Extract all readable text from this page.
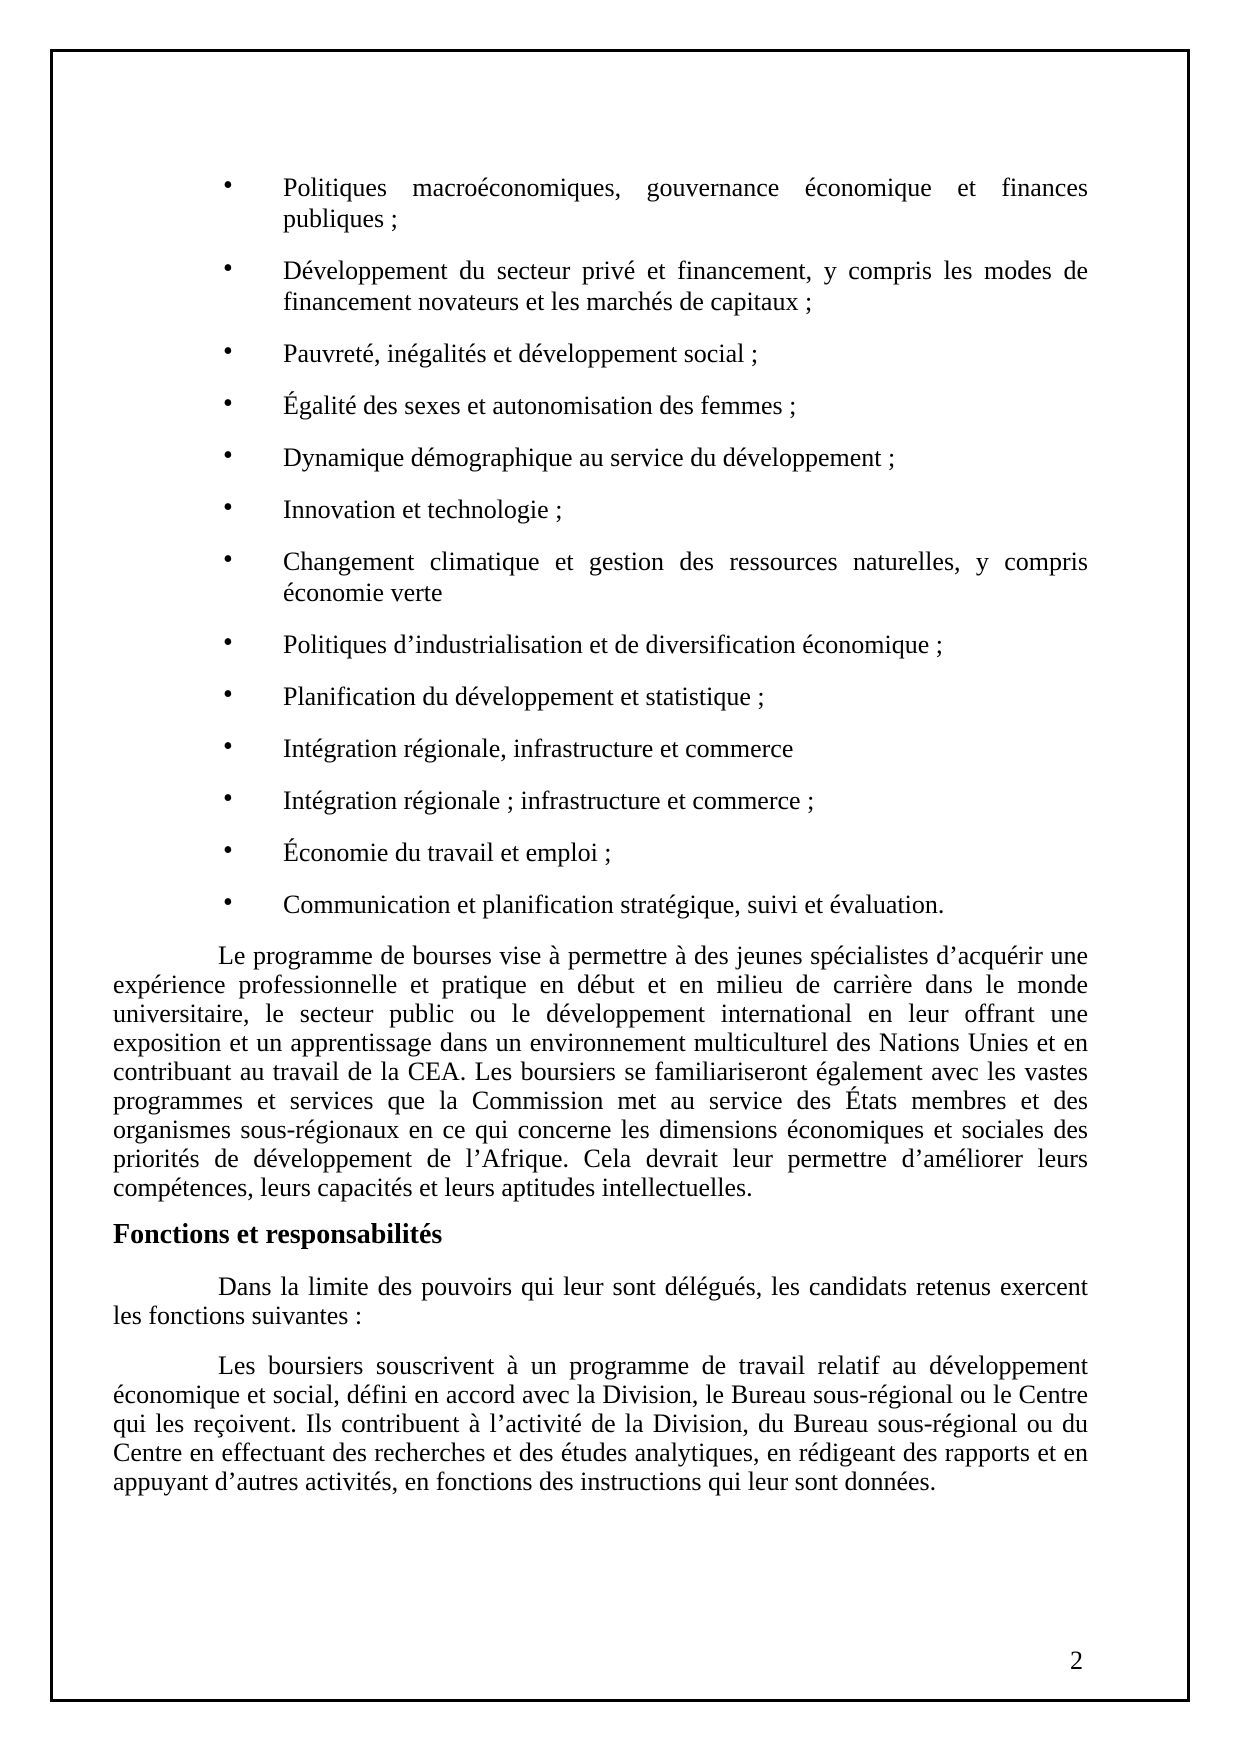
• Politiques macroéconomiques, gouvernance économique et finances publiques ;
• Développement du secteur privé et financement, y compris les modes de financement novateurs et les marchés de capitaux ;
• Pauvreté, inégalités et développement social ;
• Égalité des sexes et autonomisation des femmes ;
• Dynamique démographique au service du développement ;
• Innovation et technologie ;
• Changement climatique et gestion des ressources naturelles, y compris économie verte
• Politiques d’industrialisation et de diversification économique ;
• Planification du développement et statistique ;
• Intégration régionale, infrastructure et commerce
• Intégration régionale ; infrastructure et commerce ;
• Économie du travail et emploi ;
• Communication et planification stratégique, suivi et évaluation.

Le programme de bourses vise à permettre à des jeunes spécialistes d’acquérir une expérience professionnelle et pratique en début et en milieu de carrière dans le monde universitaire, le secteur public ou le développement international en leur offrant une exposition et un apprentissage dans un environnement multiculturel des Nations Unies et en contribuant au travail de la CEA. Les boursiers se familiariseront également avec les vastes programmes et services que la Commission met au service des États membres et des organismes sous-régionaux en ce qui concerne les dimensions économiques et sociales des priorités de développement de l’Afrique. Cela devrait leur permettre d’améliorer leurs compétences, leurs capacités et leurs aptitudes intellectuelles.

Fonctions et responsabilités

Dans la limite des pouvoirs qui leur sont délégués, les candidats retenus exercent les fonctions suivantes :

Les boursiers souscrivent à un programme de travail relatif au développement économique et social, défini en accord avec la Division, le Bureau sous-régional ou le Centre qui les reçoivent. Ils contribuent à l’activité de la Division, du Bureau sous-régional ou du Centre en effectuant des recherches et des études analytiques, en rédigeant des rapports et en appuyant d’autres activités, en fonctions des instructions qui leur sont données.

2
